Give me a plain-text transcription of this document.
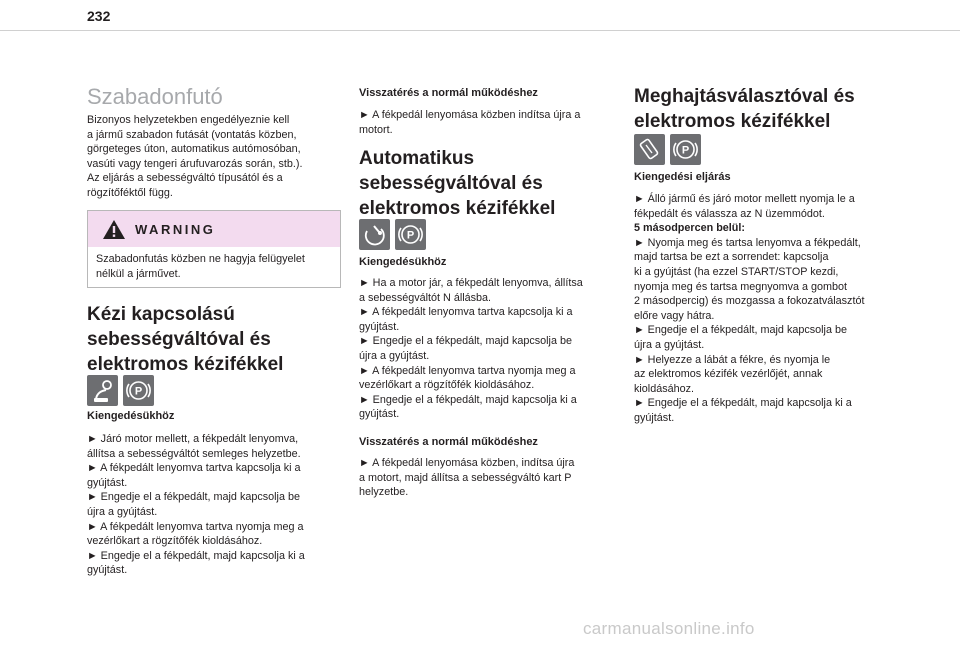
232
Szabadonfutó

Bizonyos helyzetekben engedélyeznie kell

a jármű szabadon futását (vontatás közben,

görgeteges úton, automatikus autómosóban,

vasúti vagy tengeri árufuvarozás során, stb.).

Az eljárás a sebességváltó típusától és a

rögzítőféktől függ.

WARNING
Szabadonfutás közben ne hagyja felügyelet
nélkül a járművet.
Kézi kapcsolású
sebességváltóval és
elektromos kézifékkel
P
Kiengedésükhöz

► Járó motor mellett, a fékpedált lenyomva,

állítsa a sebességváltót semleges helyzetbe.

► A fékpedált lenyomva tartva kapcsolja ki a

gyújtást.

► Engedje el a fékpedált, majd kapcsolja be

újra a gyújtást.

► A fékpedált lenyomva tartva nyomja meg a

vezérlőkart a rögzítőfék kioldásához.

► Engedje el a fékpedált, majd kapcsolja ki a

gyújtást.

Visszatérés a normál működéshez

► A fékpedál lenyomása közben indítsa újra a

motort.

Automatikus
sebességváltóval és
elektromos kézifékkel
P
Kiengedésükhöz

► Ha a motor jár, a fékpedált lenyomva, állítsa

a sebességváltót N állásba.

► A fékpedált lenyomva tartva kapcsolja ki a

gyújtást.

► Engedje el a fékpedált, majd kapcsolja be

újra a gyújtást.

► A fékpedált lenyomva tartva nyomja meg a

vezérlőkart a rögzítőfék kioldásához.

► Engedje el a fékpedált, majd kapcsolja ki a

gyújtást.

Visszatérés a normál működéshez

► A fékpedál lenyomása közben, indítsa újra

a motort, majd állítsa a sebességváltó kart P

helyzetbe.

Meghajtásválasztóval és
elektromos kézifékkel
P
Kiengedési eljárás

► Álló jármű és járó motor mellett nyomja le a

fékpedált és válassza az N üzemmódot.

5 másodpercen belül:

► Nyomja meg és tartsa lenyomva a fékpedált,

majd tartsa be ezt a sorrendet: kapcsolja

ki a gyújtást (ha ezzel START/STOP kezdi,

nyomja meg és tartsa megnyomva a gombot

2 másodpercig) és mozgassa a fokozatválasztót

előre vagy hátra.

► Engedje el a fékpedált, majd kapcsolja be

újra a gyújtást.

► Helyezze a lábát a fékre, és nyomja le

az elektromos kézifék vezérlőjét, annak

kioldásához.

► Engedje el a fékpedált, majd kapcsolja ki a

gyújtást.

carmanualsonline.info
